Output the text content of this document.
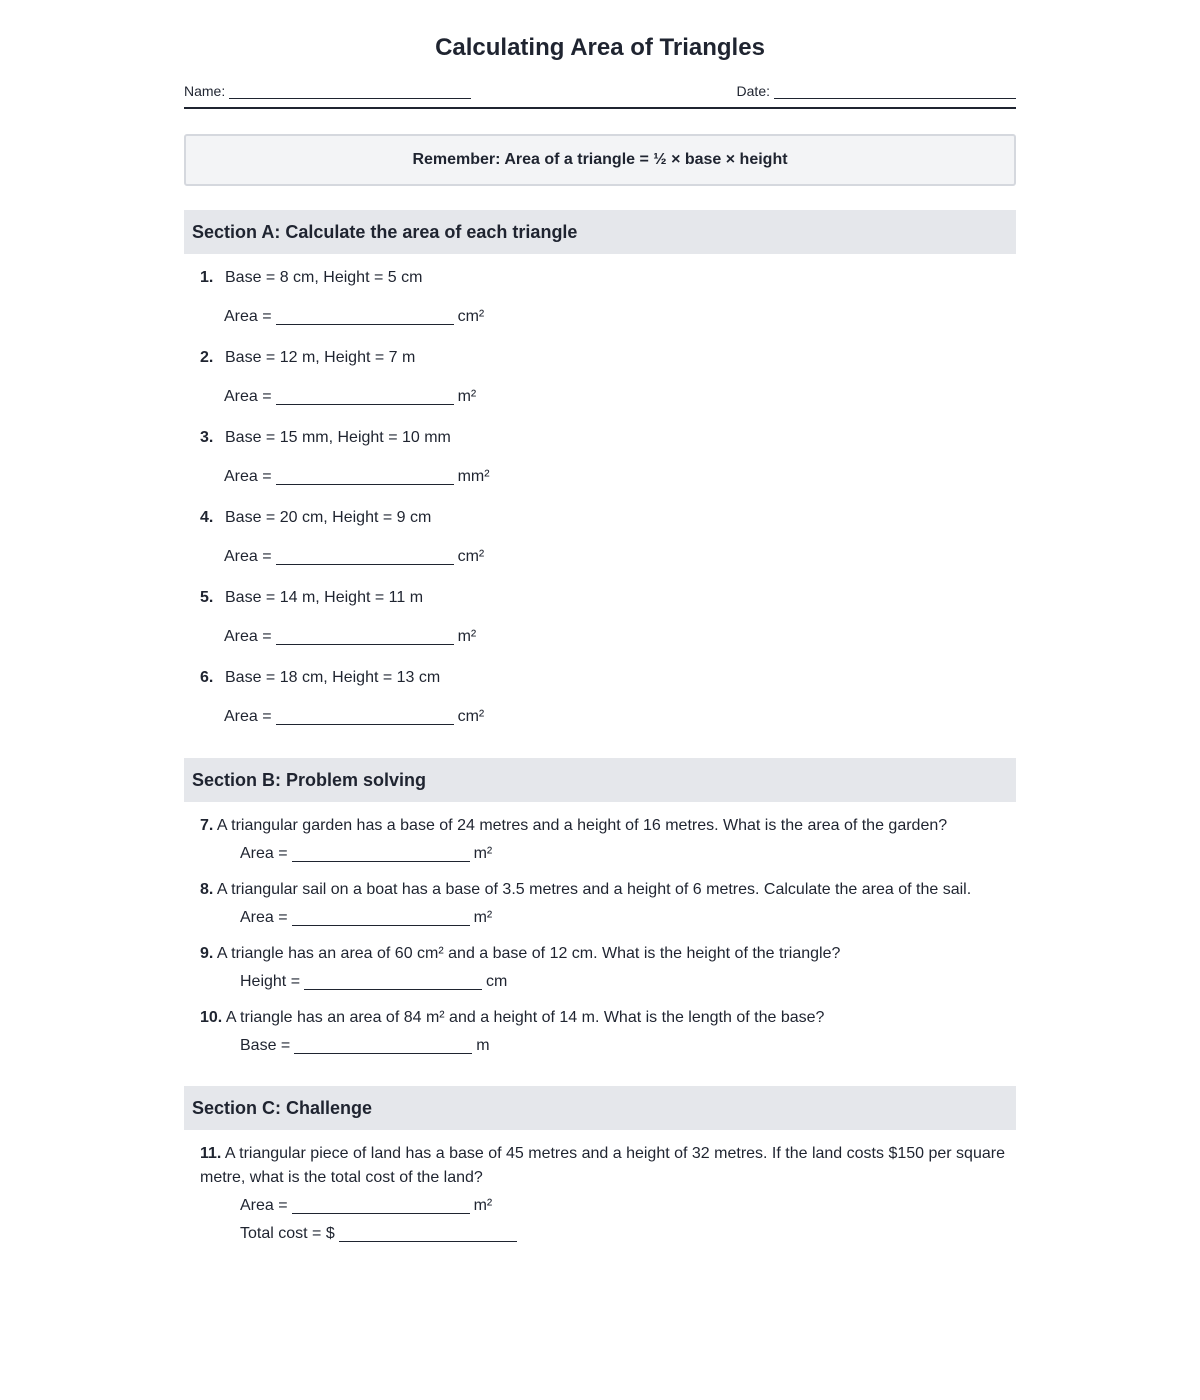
Calculating Area of Triangles
Name:	Date:
Remember: Area of a triangle = ½ × base × height
Section A: Calculate the area of each triangle
1. Base = 8 cm, Height = 5 cm
Area =	cm²
2. Base = 12 m, Height = 7 m
Area =	m²
3. Base = 15 mm, Height = 10 mm
Area =	mm²
4. Base = 20 cm, Height = 9 cm
Area =	cm²
5. Base = 14 m, Height = 11 m
Area =	m²
6. Base = 18 cm, Height = 13 cm
Area =	cm²
Section B: Problem solving
7. A triangular garden has a base of 24 metres and a height of 16 metres. What is the area of the garden?
Area =	m²
8. A triangular sail on a boat has a base of 3.5 metres and a height of 6 metres. Calculate the area of the sail.
Area =	m²
9. A triangle has an area of 60 cm² and a base of 12 cm. What is the height of the triangle?
Height =	cm
10. A triangle has an area of 84 m² and a height of 14 m. What is the length of the base?
Base =	m
Section C: Challenge
11. A triangular piece of land has a base of 45 metres and a height of 32 metres. If the land costs $150 per square metre, what is the total cost of the land?
Area =	m²
Total cost = $
